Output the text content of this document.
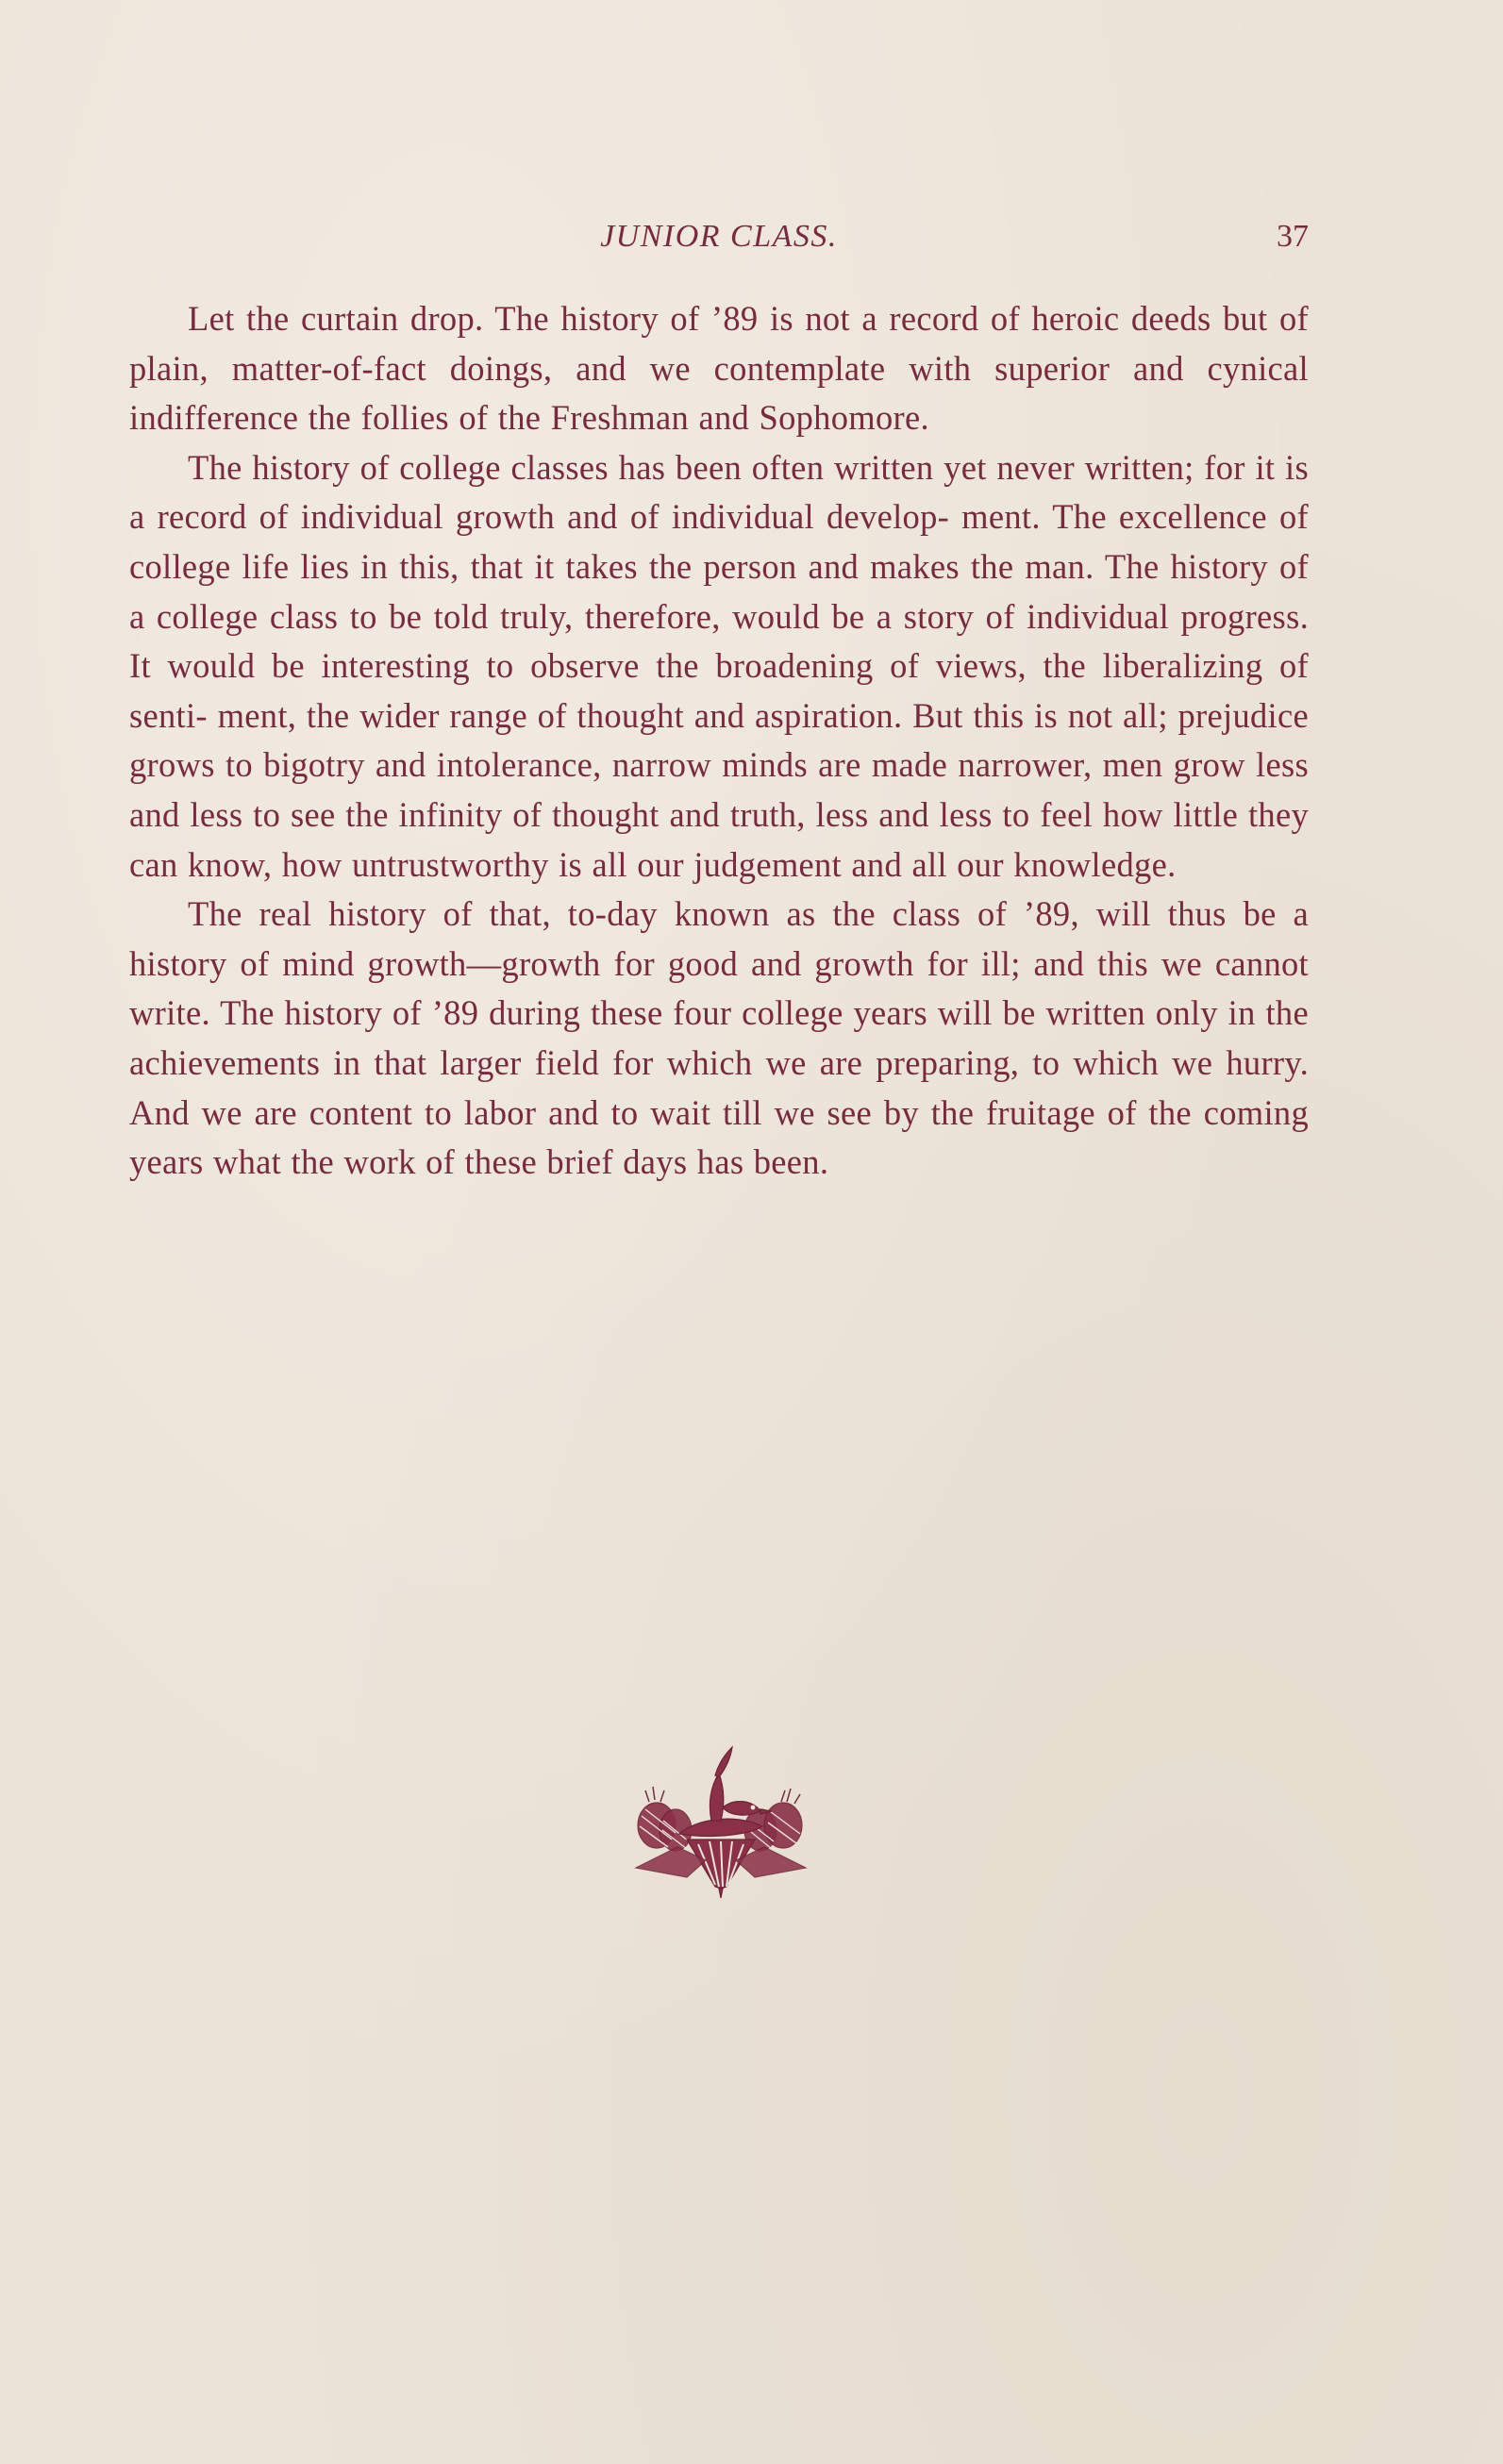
JUNIOR CLASS.	37

Let the curtain drop. The history of ’89 is not a record of heroic deeds but of plain, matter-of-fact doings, and we contemplate with superior and cynical indifference the follies of the Freshman and Sophomore.

The history of college classes has been often written yet never written; for it is a record of individual growth and of individual develop- ment. The excellence of college life lies in this, that it takes the person and makes the man. The history of a college class to be told truly, therefore, would be a story of individual progress. It would be interesting to observe the broadening of views, the liberalizing of senti- ment, the wider range of thought and aspiration. But this is not all; prejudice grows to bigotry and intolerance, narrow minds are made narrower, men grow less and less to see the infinity of thought and truth, less and less to feel how little they can know, how untrustworthy is all our judgement and all our knowledge.

The real history of that, to-day known as the class of ’89, will thus be a history of mind growth—growth for good and growth for ill; and this we cannot write. The history of ’89 during these four college years will be written only in the achievements in that larger field for which we are preparing, to which we hurry. And we are content to labor and to wait till we see by the fruitage of the coming years what the work of these brief days has been.
